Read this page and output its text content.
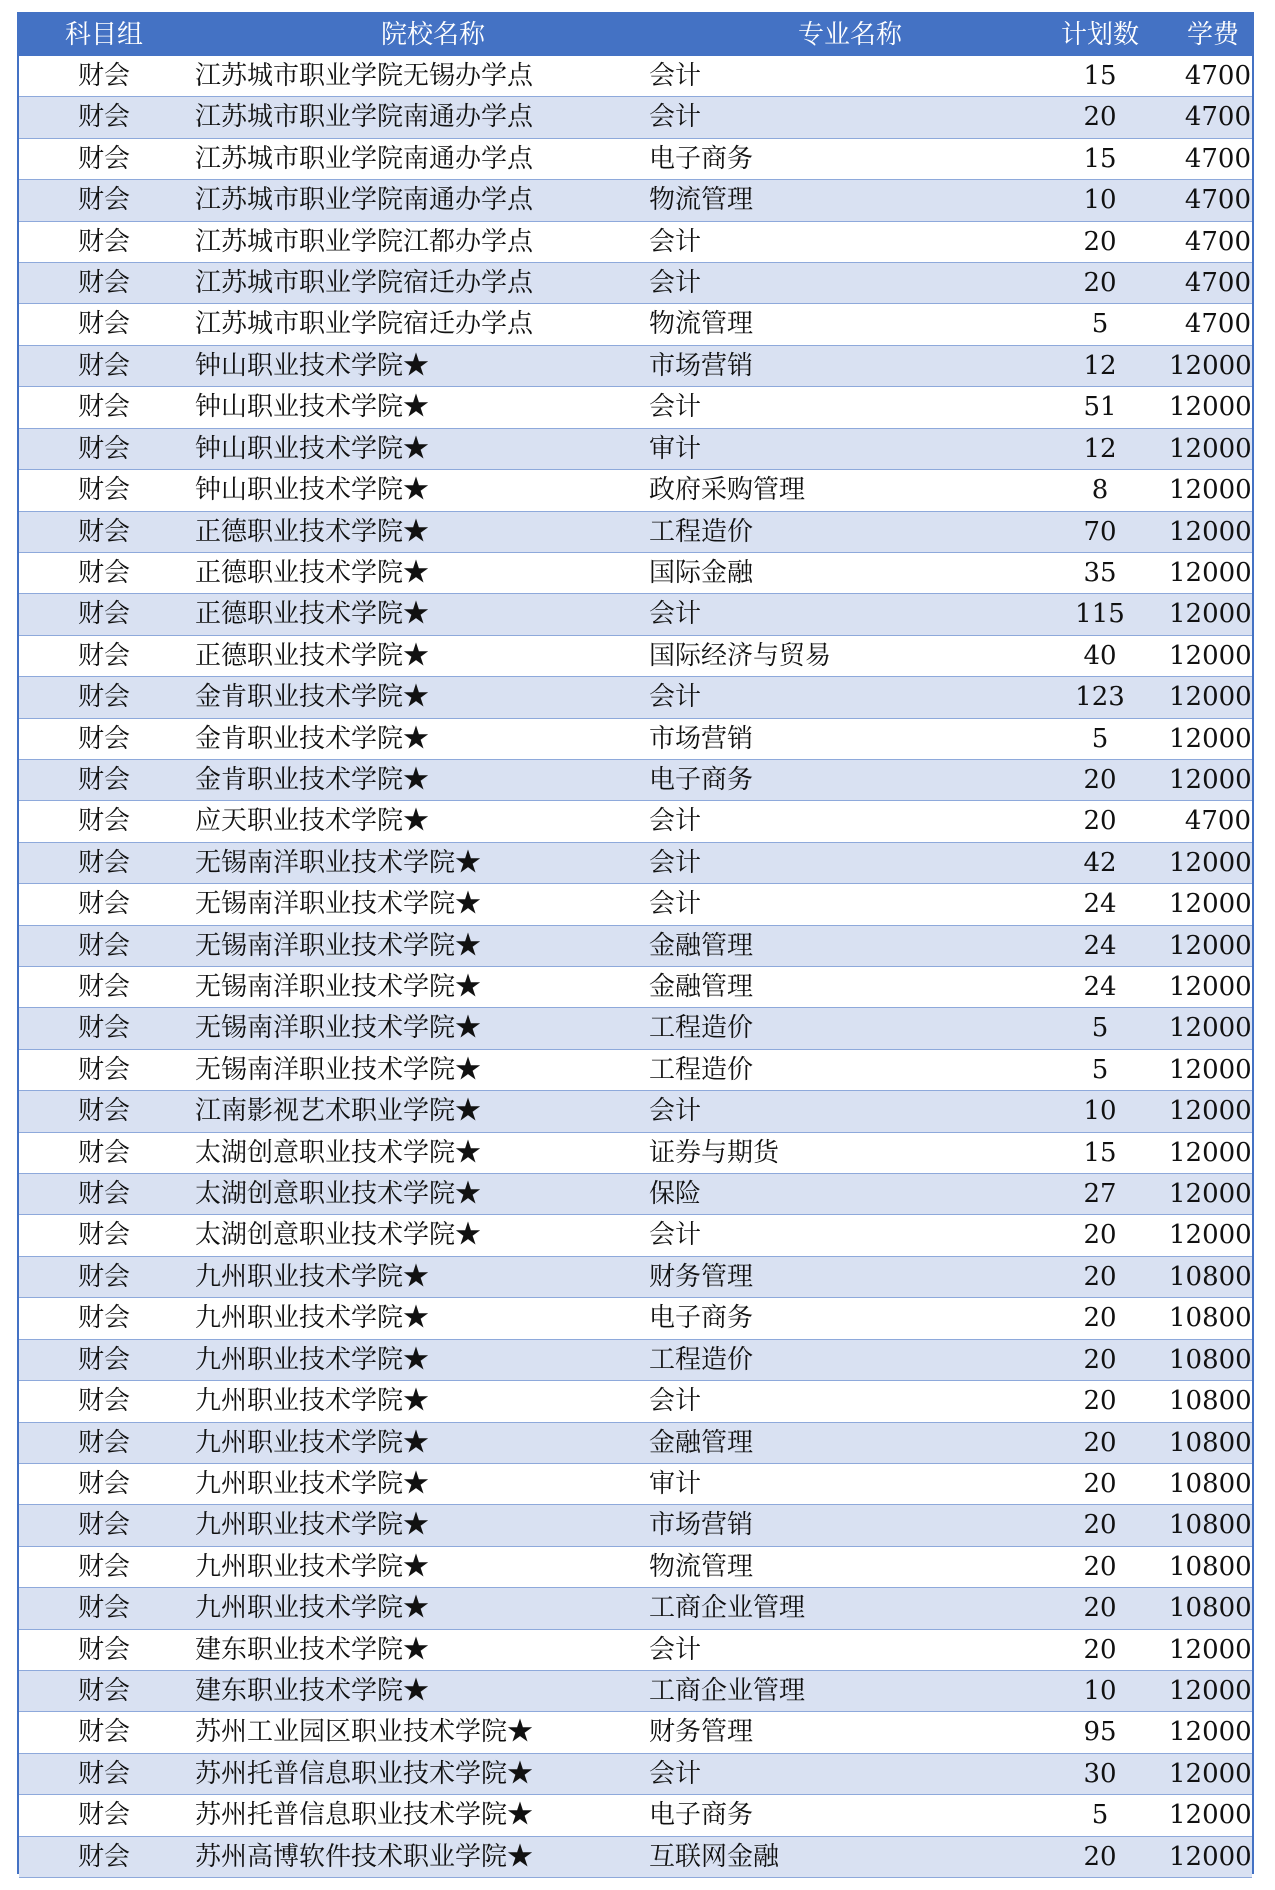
科目组	院校名称	专业名称	计划数	学费
财会	江苏城市职业学院无锡办学点	会计	15	4700
财会	江苏城市职业学院南通办学点	会计	20	4700
财会	江苏城市职业学院南通办学点	电子商务	15	4700
财会	江苏城市职业学院南通办学点	物流管理	10	4700
财会	江苏城市职业学院江都办学点	会计	20	4700
财会	江苏城市职业学院宿迁办学点	会计	20	4700
财会	江苏城市职业学院宿迁办学点	物流管理	5	4700
财会	钟山职业技术学院★	市场营销	12	12000
财会	钟山职业技术学院★	会计	51	12000
财会	钟山职业技术学院★	审计	12	12000
财会	钟山职业技术学院★	政府采购管理	8	12000
财会	正德职业技术学院★	工程造价	70	12000
财会	正德职业技术学院★	国际金融	35	12000
财会	正德职业技术学院★	会计	115	12000
财会	正德职业技术学院★	国际经济与贸易	40	12000
财会	金肯职业技术学院★	会计	123	12000
财会	金肯职业技术学院★	市场营销	5	12000
财会	金肯职业技术学院★	电子商务	20	12000
财会	应天职业技术学院★	会计	20	4700
财会	无锡南洋职业技术学院★	会计	42	12000
财会	无锡南洋职业技术学院★	会计	24	12000
财会	无锡南洋职业技术学院★	金融管理	24	12000
财会	无锡南洋职业技术学院★	金融管理	24	12000
财会	无锡南洋职业技术学院★	工程造价	5	12000
财会	无锡南洋职业技术学院★	工程造价	5	12000
财会	江南影视艺术职业学院★	会计	10	12000
财会	太湖创意职业技术学院★	证券与期货	15	12000
财会	太湖创意职业技术学院★	保险	27	12000
财会	太湖创意职业技术学院★	会计	20	12000
财会	九州职业技术学院★	财务管理	20	10800
财会	九州职业技术学院★	电子商务	20	10800
财会	九州职业技术学院★	工程造价	20	10800
财会	九州职业技术学院★	会计	20	10800
财会	九州职业技术学院★	金融管理	20	10800
财会	九州职业技术学院★	审计	20	10800
财会	九州职业技术学院★	市场营销	20	10800
财会	九州职业技术学院★	物流管理	20	10800
财会	九州职业技术学院★	工商企业管理	20	10800
财会	建东职业技术学院★	会计	20	12000
财会	建东职业技术学院★	工商企业管理	10	12000
财会	苏州工业园区职业技术学院★	财务管理	95	12000
财会	苏州托普信息职业技术学院★	会计	30	12000
财会	苏州托普信息职业技术学院★	电子商务	5	12000
财会	苏州高博软件技术职业学院★	互联网金融	20	12000
